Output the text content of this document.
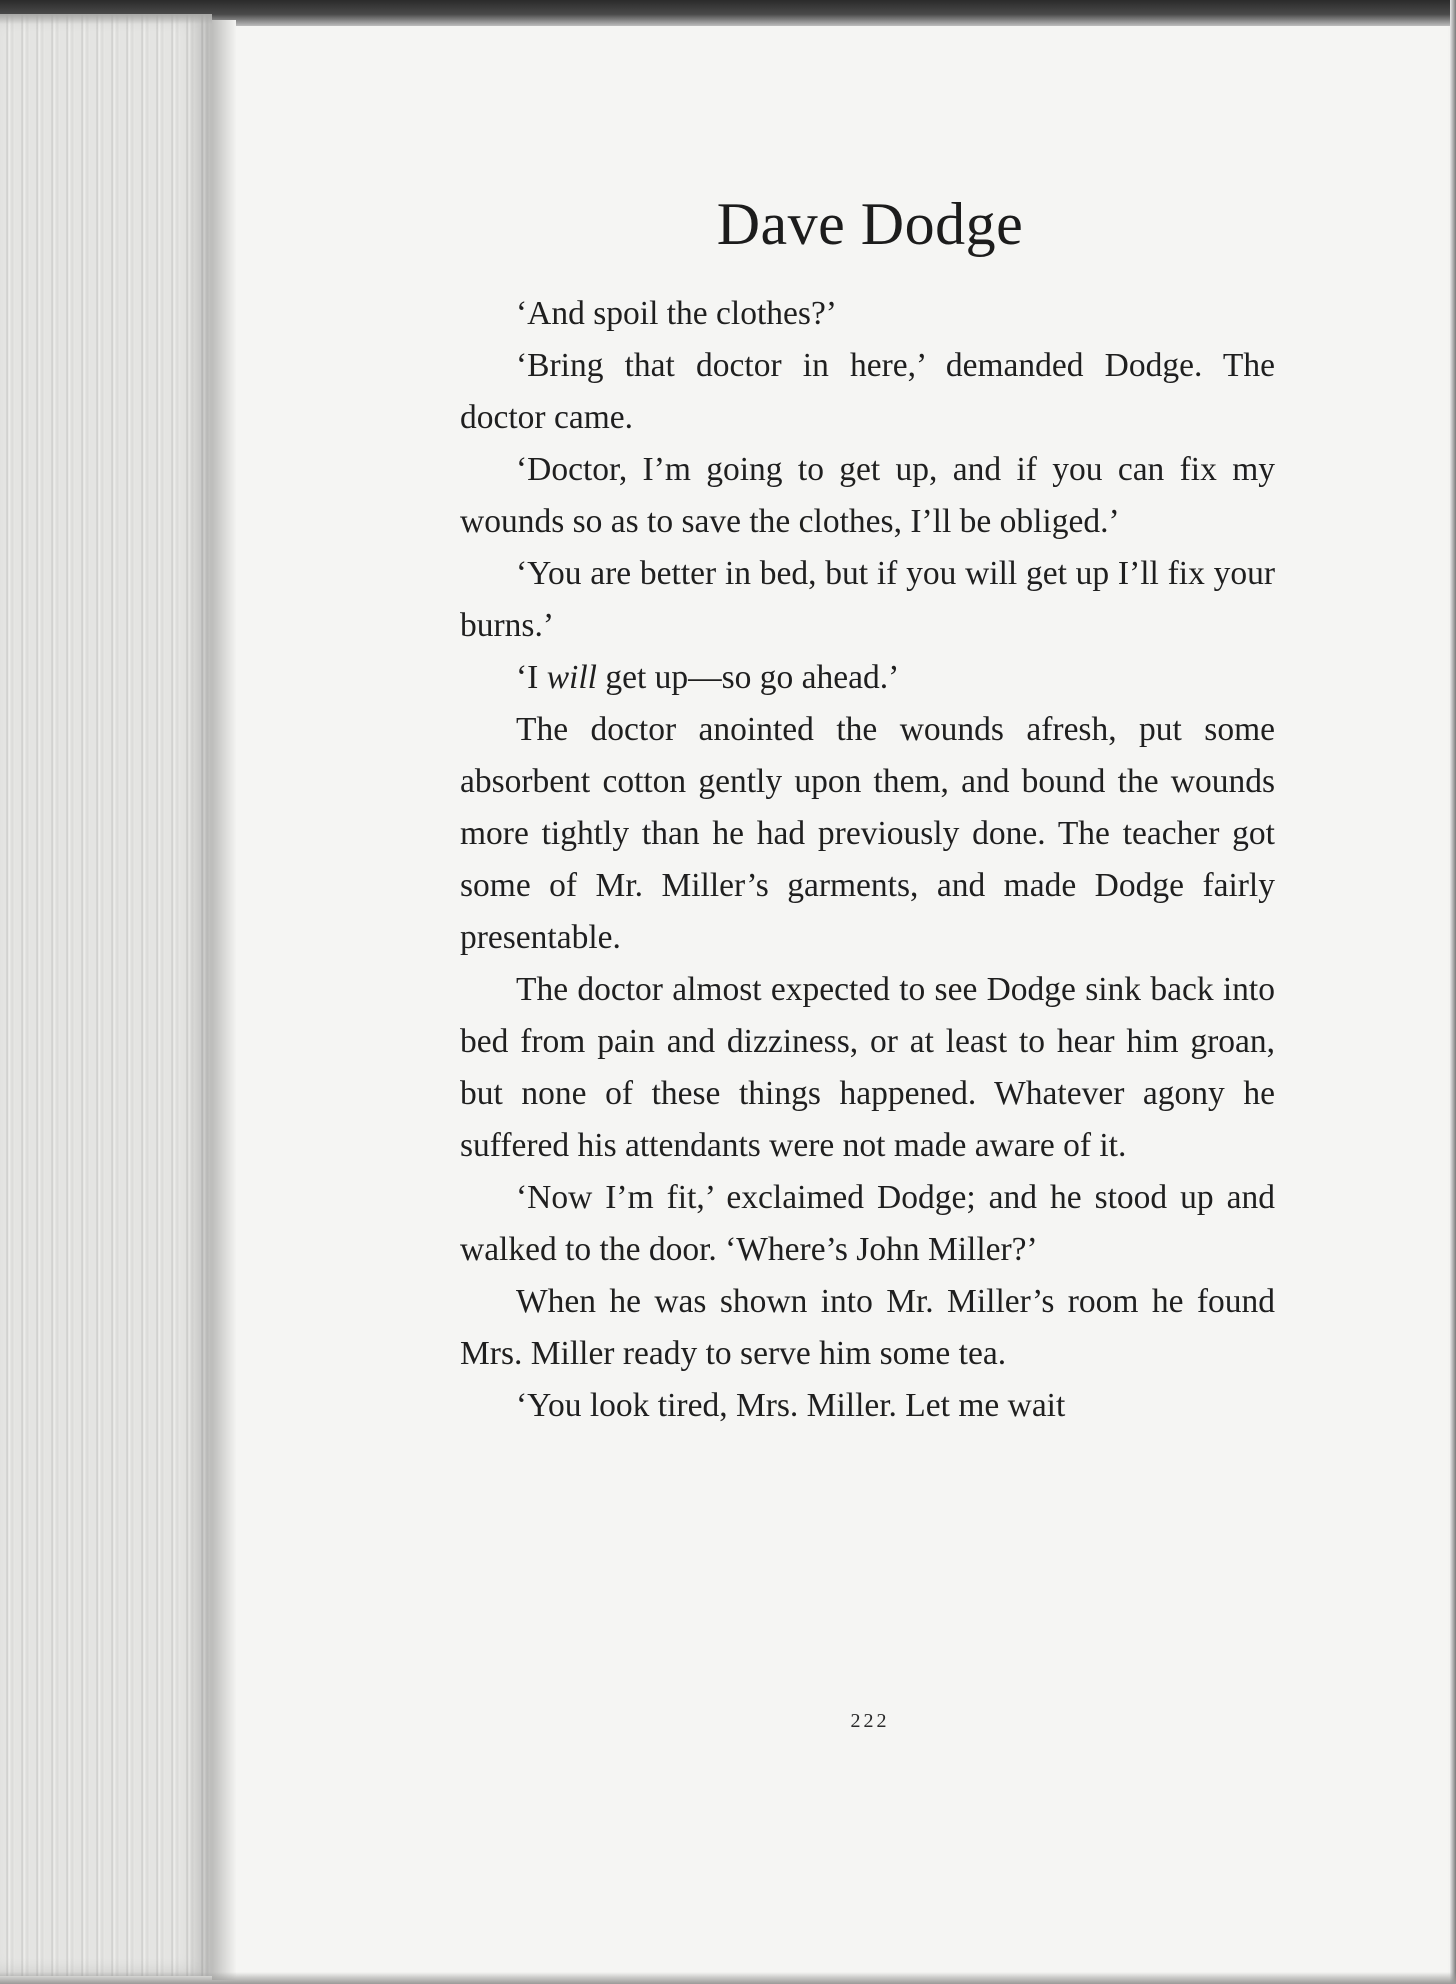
Dave Dodge

‘And spoil the clothes?’

‘Bring that doctor in here,’ demanded Dodge. The doctor came.

‘Doctor, I’m going to get up, and if you can fix my wounds so as to save the clothes, I’ll be obliged.’

‘You are better in bed, but if you will get up I’ll fix your burns.’

‘I will get up—so go ahead.’

The doctor anointed the wounds afresh, put some absorbent cotton gently upon them, and bound the wounds more tightly than he had previously done. The teacher got some of Mr. Miller’s garments, and made Dodge fairly presentable.

The doctor almost expected to see Dodge sink back into bed from pain and dizziness, or at least to hear him groan, but none of these things happened. Whatever agony he suffered his attendants were not made aware of it.

‘Now I’m fit,’ exclaimed Dodge; and he stood up and walked to the door. ‘Where’s John Miller?’

When he was shown into Mr. Miller’s room he found Mrs. Miller ready to serve him some tea.

‘You look tired, Mrs. Miller. Let me wait

222
